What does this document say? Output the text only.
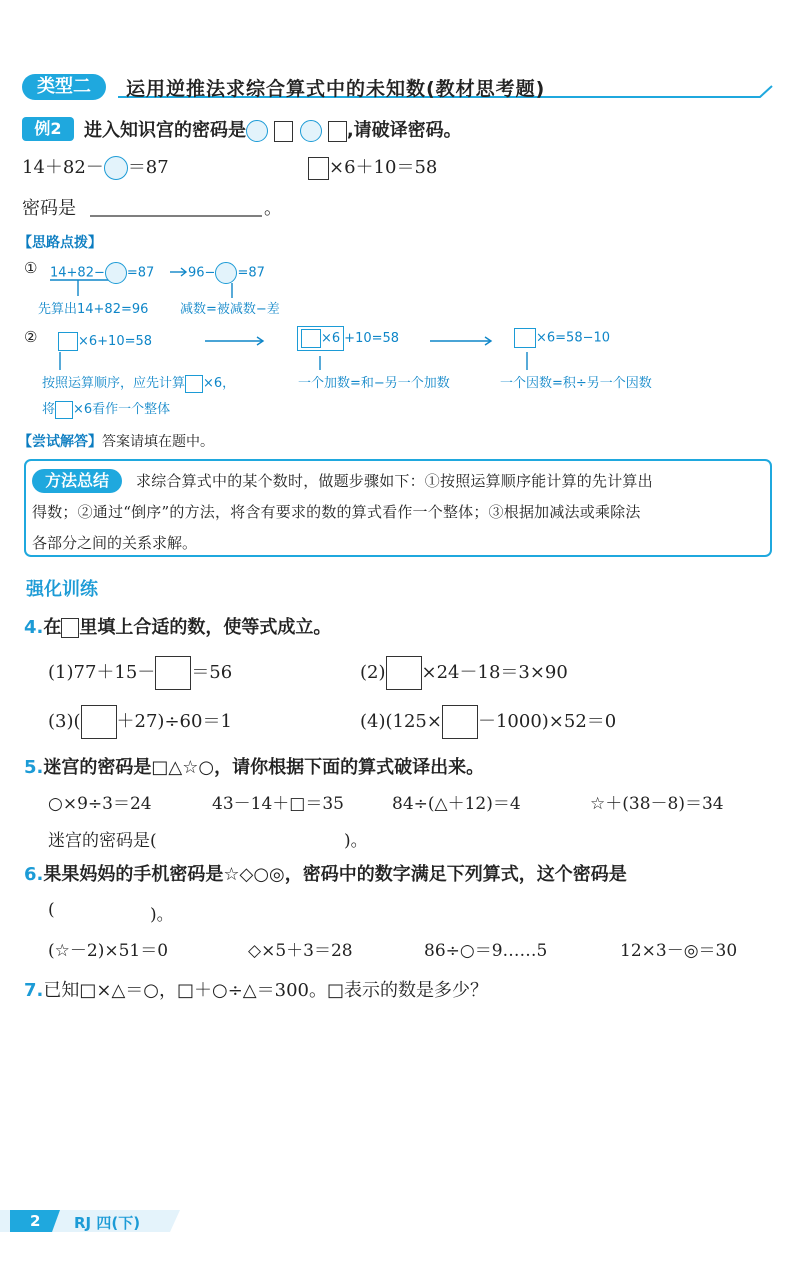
类型二	运用逆推法求综合算式中的未知数(教材思考题)
例2	进入知识宫的密码是	,请破译密码。
14＋82－ ＝87	×6＋10＝58
密码是	。
【思路点拨】
① 14+82− =87	96− =87
先算出14+82=96 减数=被减数−差
②	×6+10=58	×6 +10=58	×6=58−10
按照运算顺序，应先计算 ×6，
将 ×6看作一个整体
一个加数=和−另一个加数	一个因数=积÷另一个因数
【尝试解答】答案请填在题中。
方法总结	求综合算式中的某个数时，做题步骤如下：①按照运算顺序能计算的先计算出
得数；②通过“倒序”的方法，将含有要求的数的算式看作一个整体；③根据加减法或乘除法
各部分之间的关系求解。
强化训练
4.在 里填上合适的数，使等式成立。
(1)77＋15－ ＝56	(2) ×24－18＝3×90
(3)( ＋27)÷60＝1	(4)(125× －1000)×52＝0
5.迷宫的密码是□△☆○，请你根据下面的算式破译出来。
○×9÷3＝24	43－14＋□＝35	84÷(△＋12)＝4	☆＋(38－8)＝34
迷宫的密码是(	)。
6.果果妈妈的手机密码是☆◇○◎，密码中的数字满足下列算式，这个密码是
(	)。
(☆－2)×51＝0	◇×5＋3＝28	86÷○＝9……5	12×3－◎＝30
7.已知□×△＝○，□＋○÷△＝300。□表示的数是多少？
2 RJ 四(下)
